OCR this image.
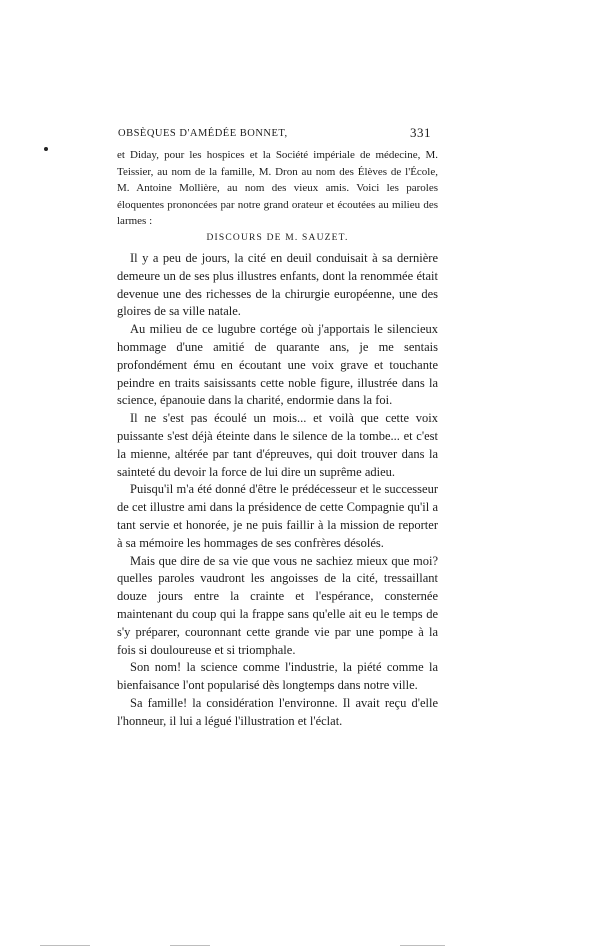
OBSÈQUES D'AMÉDÉE BONNET,	331

et Diday, pour les hospices et la Société impériale de médecine, M. Teissier, au nom de la famille, M. Dron au nom des Élèves de l'École, M. Antoine Mollière, au nom des vieux amis. Voici les paroles éloquentes prononcées par notre grand orateur et écoutées au milieu des larmes :

DISCOURS DE M. SAUZET.

Il y a peu de jours, la cité en deuil conduisait à sa dernière demeure un de ses plus illustres enfants, dont la renommée était devenue une des richesses de la chirurgie européenne, une des gloires de sa ville natale.

Au milieu de ce lugubre cortége où j'apportais le silencieux hommage d'une amitié de quarante ans, je me sentais profondément ému en écoutant une voix grave et touchante peindre en traits saisissants cette noble figure, illustrée dans la science, épanouie dans la charité, endormie dans la foi.

Il ne s'est pas écoulé un mois... et voilà que cette voix puissante s'est déjà éteinte dans le silence de la tombe... et c'est la mienne, altérée par tant d'épreuves, qui doit trouver dans la sainteté du devoir la force de lui dire un suprême adieu.

Puisqu'il m'a été donné d'être le prédécesseur et le successeur de cet illustre ami dans la présidence de cette Compagnie qu'il a tant servie et honorée, je ne puis faillir à la mission de reporter à sa mémoire les hommages de ses confrères désolés.

Mais que dire de sa vie que vous ne sachiez mieux que moi? quelles paroles vaudront les angoisses de la cité, tressaillant douze jours entre la crainte et l'espérance, consternée maintenant du coup qui la frappe sans qu'elle ait eu le temps de s'y préparer, couronnant cette grande vie par une pompe à la fois si douloureuse et si triomphale.

Son nom! la science comme l'industrie, la piété comme la bienfaisance l'ont popularisé dès longtemps dans notre ville.

Sa famille! la considération l'environne. Il avait reçu d'elle l'honneur, il lui a légué l'illustration et l'éclat.
